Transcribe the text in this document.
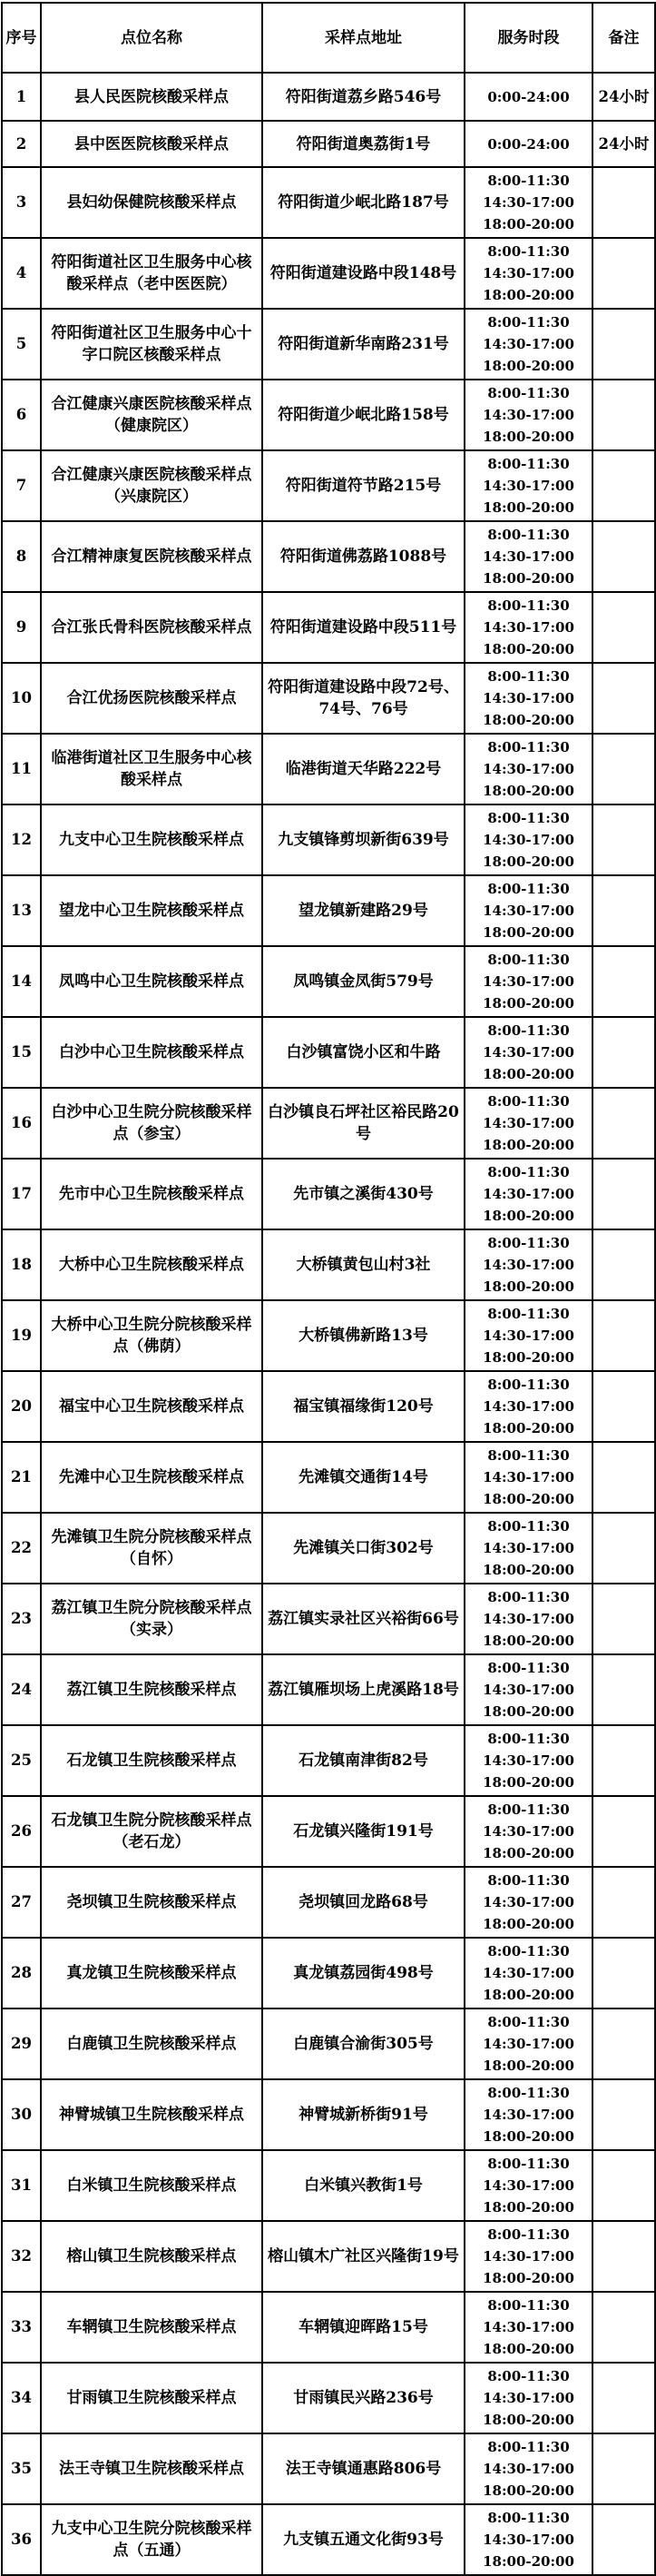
序号	点位名称	采样点地址	服务时段	备注
1	县人民医院核酸采样点	符阳街道荔乡路546号	0:00-24:00	24小时
2	县中医医院核酸采样点	符阳街道奥荔街1号	0:00-24:00	24小时
3	县妇幼保健院核酸采样点	符阳街道少岷北路187号	8:00-11:30
14:30-17:00
18:00-20:00	

4	符阳街道社区卫生服务中心核酸采样点（老中医医院）	符阳街道建设路中段148号	8:00-11:30
14:30-17:00
18:00-20:00	

5	符阳街道社区卫生服务中心十字口院区核酸采样点	符阳街道新华南路231号	8:00-11:30
14:30-17:00
18:00-20:00	

6	合江健康兴康医院核酸采样点（健康院区）	符阳街道少岷北路158号	8:00-11:30
14:30-17:00
18:00-20:00	

7	合江健康兴康医院核酸采样点（兴康院区）	符阳街道符节路215号	8:00-11:30
14:30-17:00
18:00-20:00	

8	合江精神康复医院核酸采样点	符阳街道佛荔路1088号	8:00-11:30
14:30-17:00
18:00-20:00	

9	合江张氏骨科医院核酸采样点	符阳街道建设路中段511号	8:00-11:30
14:30-17:00
18:00-20:00	

10	合江优扬医院核酸采样点	符阳街道建设路中段72号、74号、76号	8:00-11:30
14:30-17:00
18:00-20:00	

11	临港街道社区卫生服务中心核酸采样点	临港街道天华路222号	8:00-11:30
14:30-17:00
18:00-20:00	

12	九支中心卫生院核酸采样点	九支镇锋剪坝新街639号	8:00-11:30
14:30-17:00
18:00-20:00	

13	望龙中心卫生院核酸采样点	望龙镇新建路29号	8:00-11:30
14:30-17:00
18:00-20:00	

14	凤鸣中心卫生院核酸采样点	凤鸣镇金凤街579号	8:00-11:30
14:30-17:00
18:00-20:00	

15	白沙中心卫生院核酸采样点	白沙镇富饶小区和牛路	8:00-11:30
14:30-17:00
18:00-20:00	

16	白沙中心卫生院分院核酸采样点（参宝）	白沙镇良石坪社区裕民路20号	8:00-11:30
14:30-17:00
18:00-20:00	

17	先市中心卫生院核酸采样点	先市镇之溪街430号	8:00-11:30
14:30-17:00
18:00-20:00	

18	大桥中心卫生院核酸采样点	大桥镇黄包山村3社	8:00-11:30
14:30-17:00
18:00-20:00	

19	大桥中心卫生院分院核酸采样点（佛荫）	大桥镇佛新路13号	8:00-11:30
14:30-17:00
18:00-20:00	

20	福宝中心卫生院核酸采样点	福宝镇福缘街120号	8:00-11:30
14:30-17:00
18:00-20:00	

21	先滩中心卫生院核酸采样点	先滩镇交通街14号	8:00-11:30
14:30-17:00
18:00-20:00	

22	先滩镇卫生院分院核酸采样点（自怀）	先滩镇关口街302号	8:00-11:30
14:30-17:00
18:00-20:00	

23	荔江镇卫生院分院核酸采样点（实录）	荔江镇实录社区兴裕街66号	8:00-11:30
14:30-17:00
18:00-20:00	

24	荔江镇卫生院核酸采样点	荔江镇雁坝场上虎溪路18号	8:00-11:30
14:30-17:00
18:00-20:00	

25	石龙镇卫生院核酸采样点	石龙镇南津街82号	8:00-11:30
14:30-17:00
18:00-20:00	

26	石龙镇卫生院分院核酸采样点（老石龙）	石龙镇兴隆街191号	8:00-11:30
14:30-17:00
18:00-20:00	

27	尧坝镇卫生院核酸采样点	尧坝镇回龙路68号	8:00-11:30
14:30-17:00
18:00-20:00	

28	真龙镇卫生院核酸采样点	真龙镇荔园街498号	8:00-11:30
14:30-17:00
18:00-20:00	

29	白鹿镇卫生院核酸采样点	白鹿镇合渝街305号	8:00-11:30
14:30-17:00
18:00-20:00	

30	神臂城镇卫生院核酸采样点	神臂城新桥街91号	8:00-11:30
14:30-17:00
18:00-20:00	

31	白米镇卫生院核酸采样点	白米镇兴教街1号	8:00-11:30
14:30-17:00
18:00-20:00	

32	榕山镇卫生院核酸采样点	榕山镇木广社区兴隆街19号	8:00-11:30
14:30-17:00
18:00-20:00	

33	车辋镇卫生院核酸采样点	车辋镇迎晖路15号	8:00-11:30
14:30-17:00
18:00-20:00	

34	甘雨镇卫生院核酸采样点	甘雨镇民兴路236号	8:00-11:30
14:30-17:00
18:00-20:00	

35	法王寺镇卫生院核酸采样点	法王寺镇通惠路806号	8:00-11:30
14:30-17:00
18:00-20:00	

36	九支中心卫生院分院核酸采样点（五通）	九支镇五通文化街93号	8:00-11:30
14:30-17:00
18:00-20:00	
